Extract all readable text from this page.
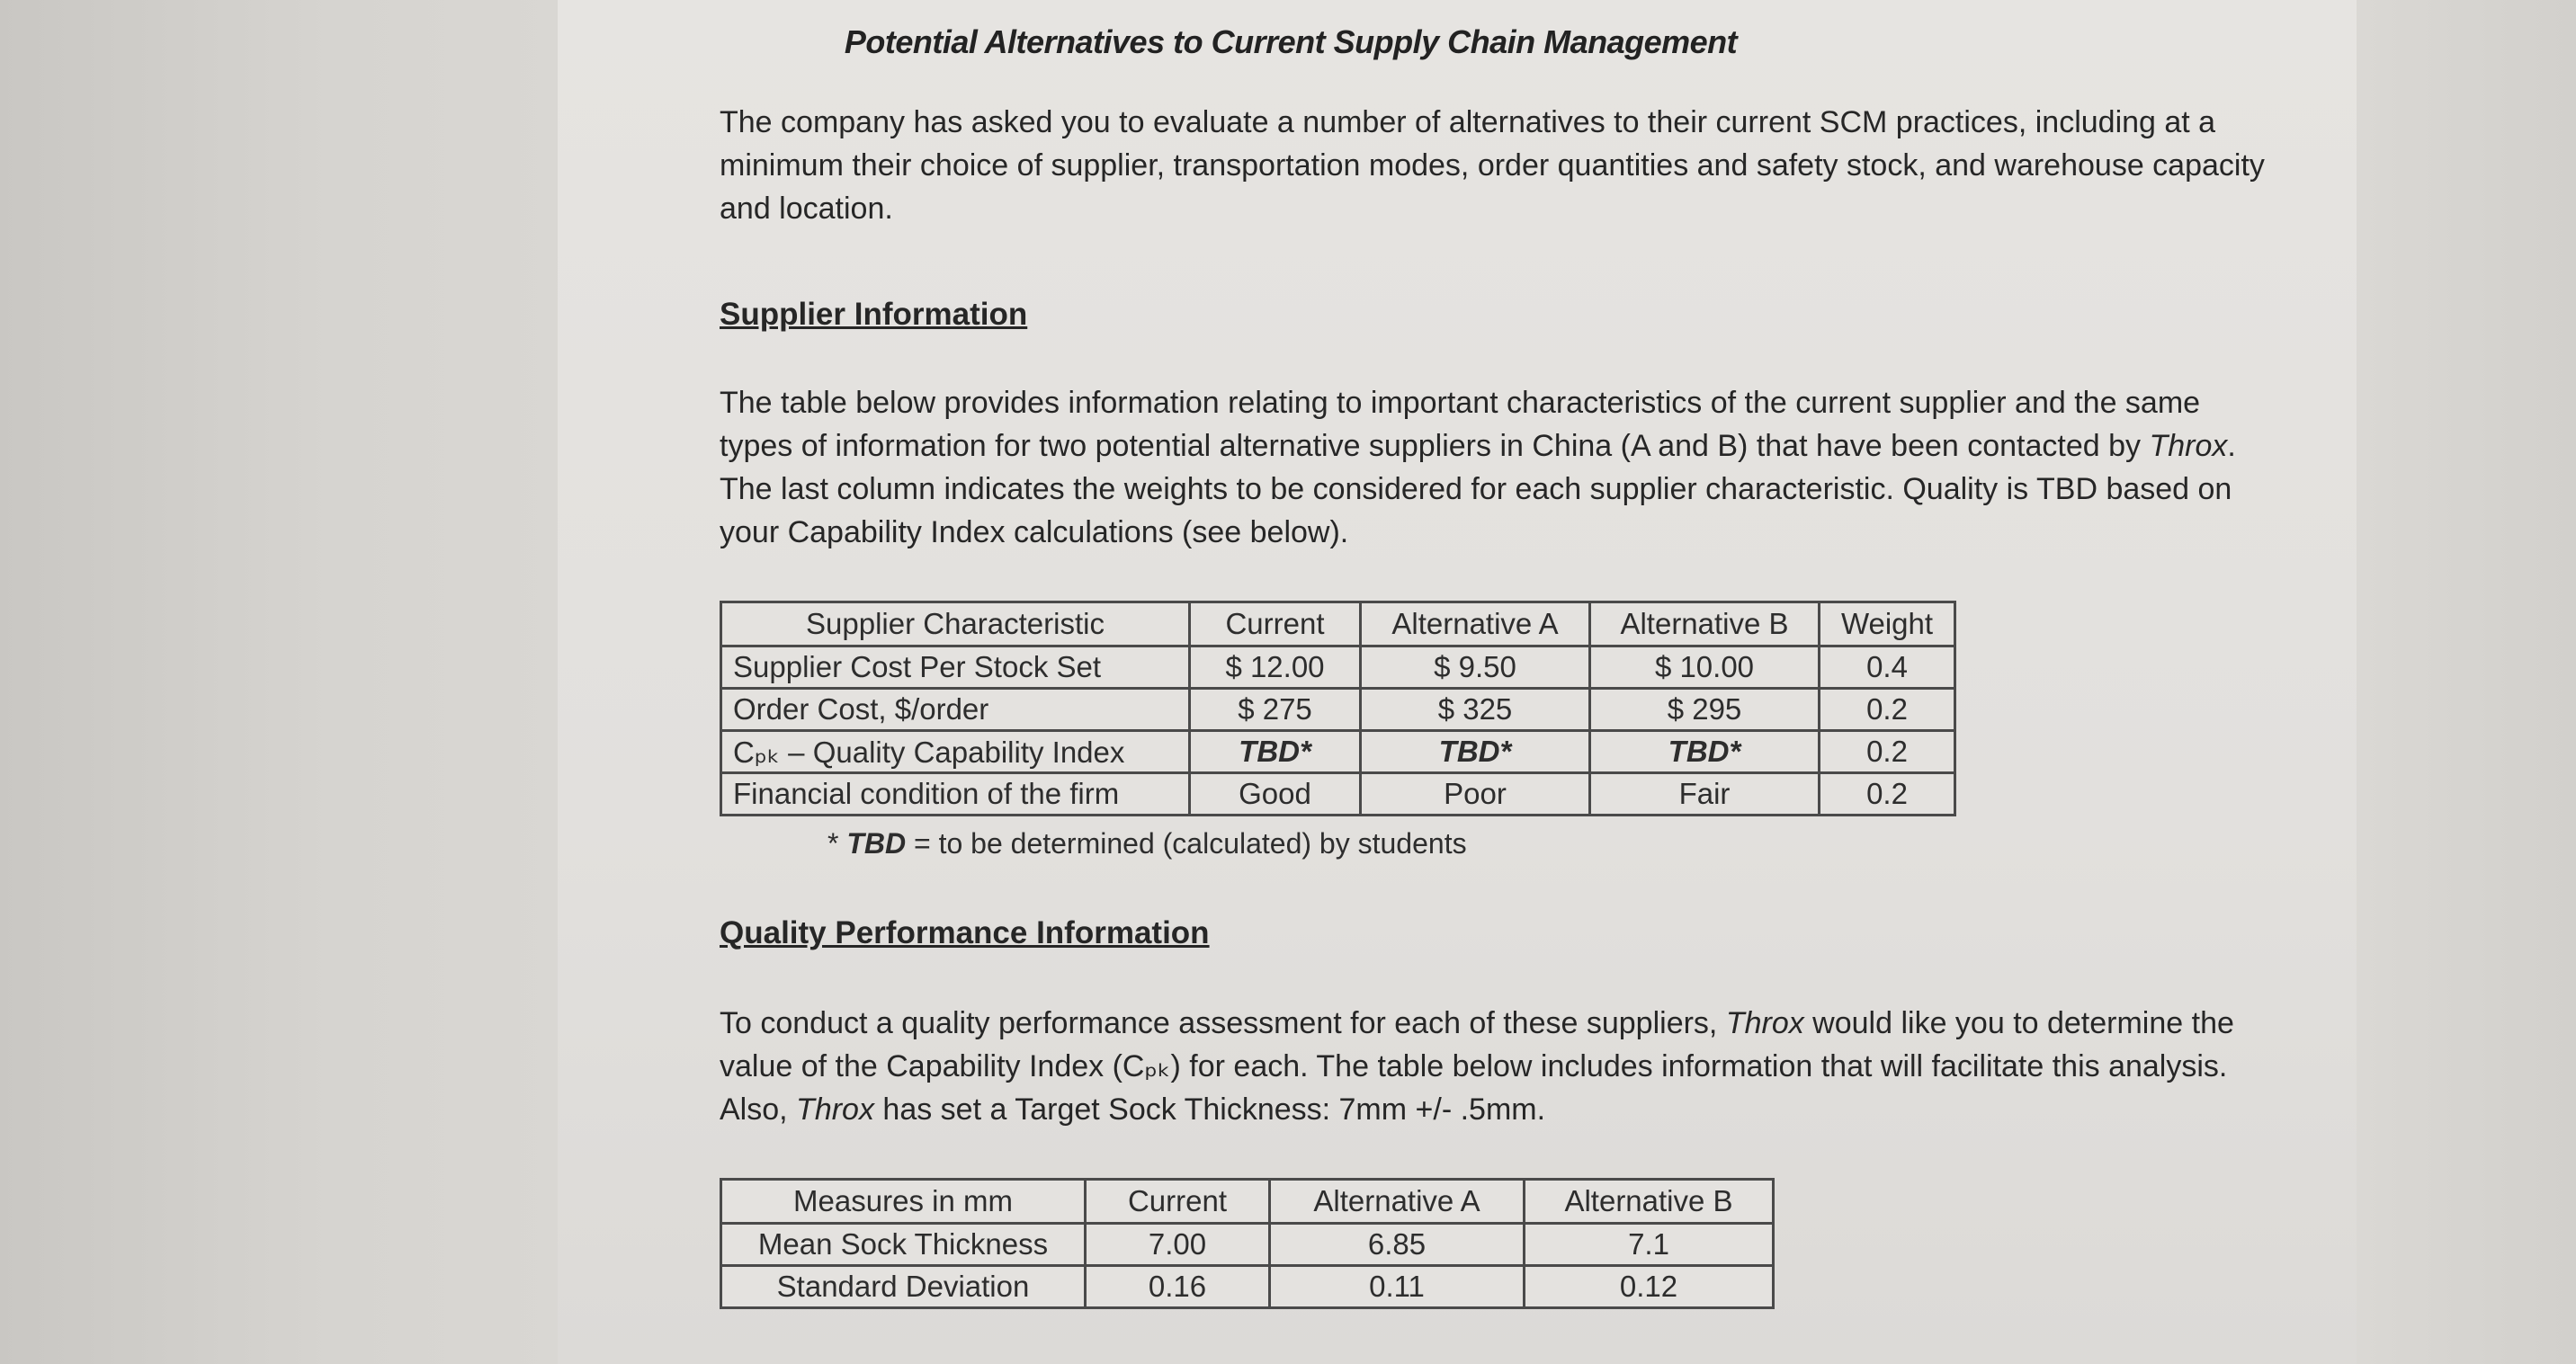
Potential Alternatives to Current Supply Chain Management
The company has asked you to evaluate a number of alternatives to their current SCM practices, including at a minimum their choice of supplier, transportation modes, order quantities and safety stock, and warehouse capacity and location.
Supplier Information
The table below provides information relating to important characteristics of the current supplier and the same types of information for two potential alternative suppliers in China (A and B) that have been contacted by Throx. The last column indicates the weights to be considered for each supplier characteristic. Quality is TBD based on your Capability Index calculations (see below).
Supplier Characteristic	Current	Alternative A	Alternative B	Weight
Supplier Cost Per Stock Set	$ 12.00	$ 9.50	$ 10.00	0.4
Order Cost, $/order	$ 275	$ 325	$ 295	0.2
Cₚₖ – Quality Capability Index	TBD*	TBD*	TBD*	0.2
Financial condition of the firm	Good	Poor	Fair	0.2
* TBD = to be determined (calculated) by students
Quality Performance Information
To conduct a quality performance assessment for each of these suppliers, Throx would like you to determine the value of the Capability Index (Cₚₖ) for each. The table below includes information that will facilitate this analysis. Also, Throx has set a Target Sock Thickness: 7mm +/- .5mm.
Measures in mm	Current	Alternative A	Alternative B
Mean Sock Thickness	7.00	6.85	7.1
Standard Deviation	0.16	0.11	0.12
